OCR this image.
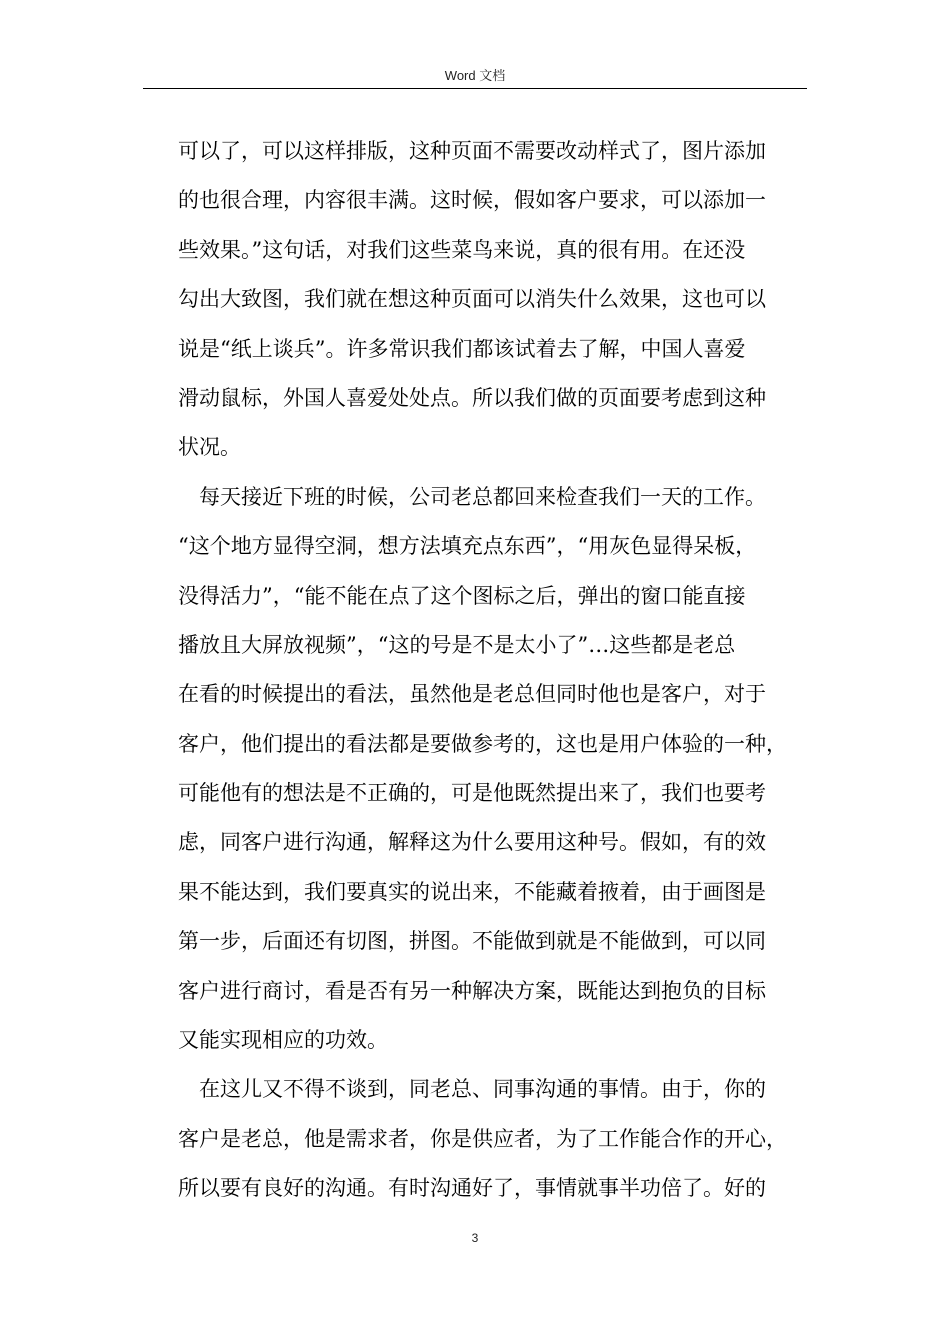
Word 文档
可以了，可以这样排版，这种页面不需要改动样式了，图片添加
的也很合理，内容很丰满。这时候，假如客户要求，可以添加一
些效果。”这句话，对我们这些菜鸟来说，真的很有用。在还没
勾出大致图，我们就在想这种页面可以消失什么效果，这也可以
说是“纸上谈兵”。许多常识我们都该试着去了解，中国人喜爱
滑动鼠标，外国人喜爱处处点。所以我们做的页面要考虑到这种
状况。
每天接近下班的时候，公司老总都回来检查我们一天的工作。
“这个地方显得空洞，想方法填充点东西”，“用灰色显得呆板，
没得活力”，“能不能在点了这个图标之后，弹出的窗口能直接
播放且大屏放视频”，“这的号是不是太小了”…这些都是老总
在看的时候提出的看法，虽然他是老总但同时他也是客户，对于
客户，他们提出的看法都是要做参考的，这也是用户体验的一种，
可能他有的想法是不正确的，可是他既然提出来了，我们也要考
虑，同客户进行沟通，解释这为什么要用这种号。假如，有的效
果不能达到，我们要真实的说出来，不能藏着掖着，由于画图是
第一步，后面还有切图，拼图。不能做到就是不能做到，可以同
客户进行商讨，看是否有另一种解决方案，既能达到抱负的目标
又能实现相应的功效。
在这儿又不得不谈到，同老总、同事沟通的事情。由于，你的
客户是老总，他是需求者，你是供应者，为了工作能合作的开心，
所以要有良好的沟通。有时沟通好了，事情就事半功倍了。好的
3
